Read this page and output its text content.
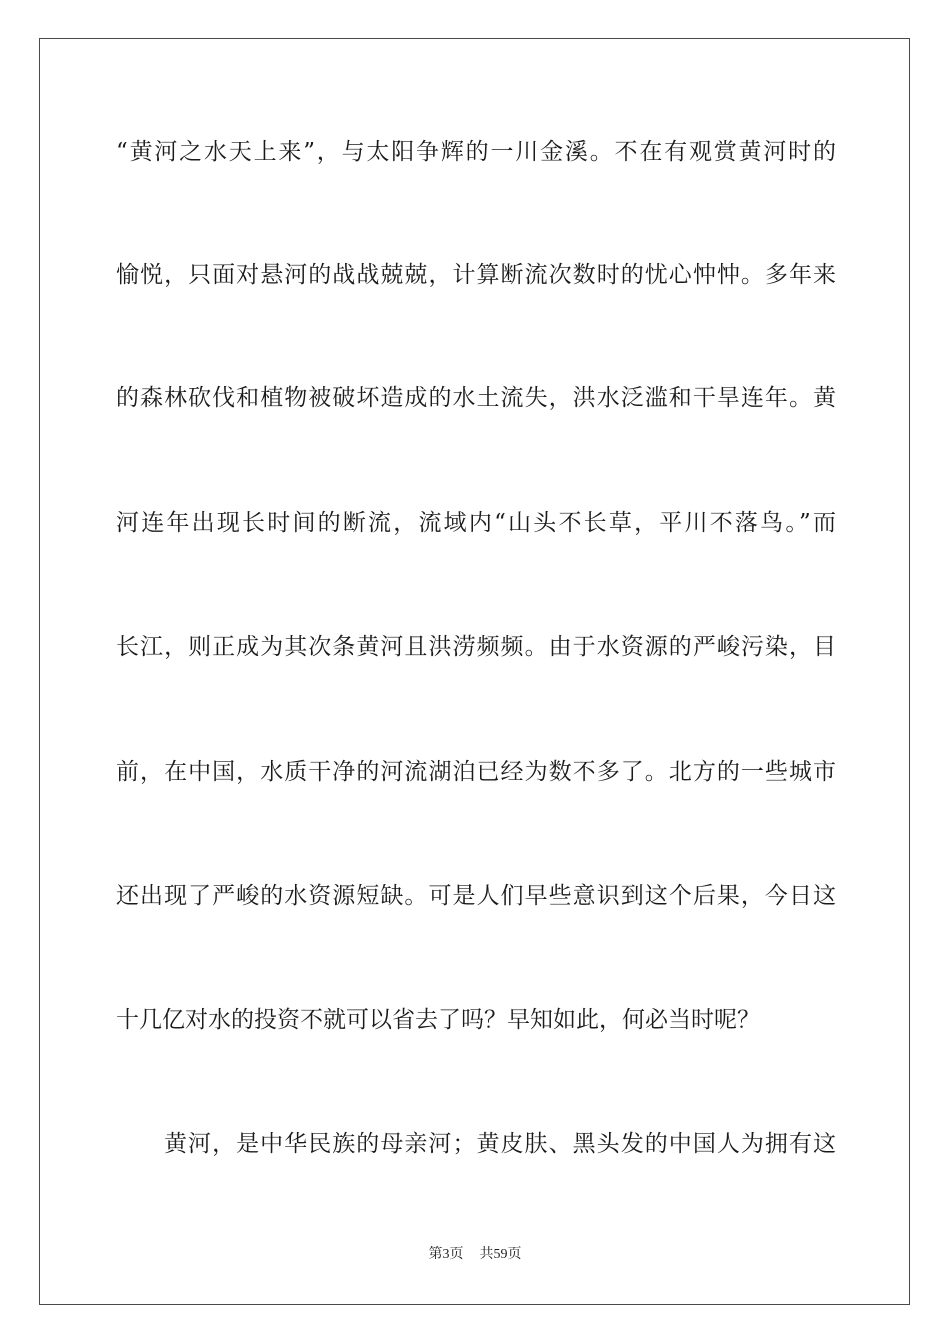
“黄河之水天上来”，与太阳争辉的一川金溪。不在有观赏黄河时的
愉悦，只面对悬河的战战兢兢，计算断流次数时的忧心忡忡。多年来
的森林砍伐和植物被破坏造成的水土流失，洪水泛滥和干旱连年。黄
河连年出现长时间的断流，流域内“山头不长草，平川不落鸟。”而
长江，则正成为其次条黄河且洪涝频频。由于水资源的严峻污染，目
前，在中国，水质干净的河流湖泊已经为数不多了。北方的一些城市
还出现了严峻的水资源短缺。可是人们早些意识到这个后果，今日这
十几亿对水的投资不就可以省去了吗？早知如此，何必当时呢？
黄河，是中华民族的母亲河；黄皮肤、黑头发的中国人为拥有这
第3页 共59页
